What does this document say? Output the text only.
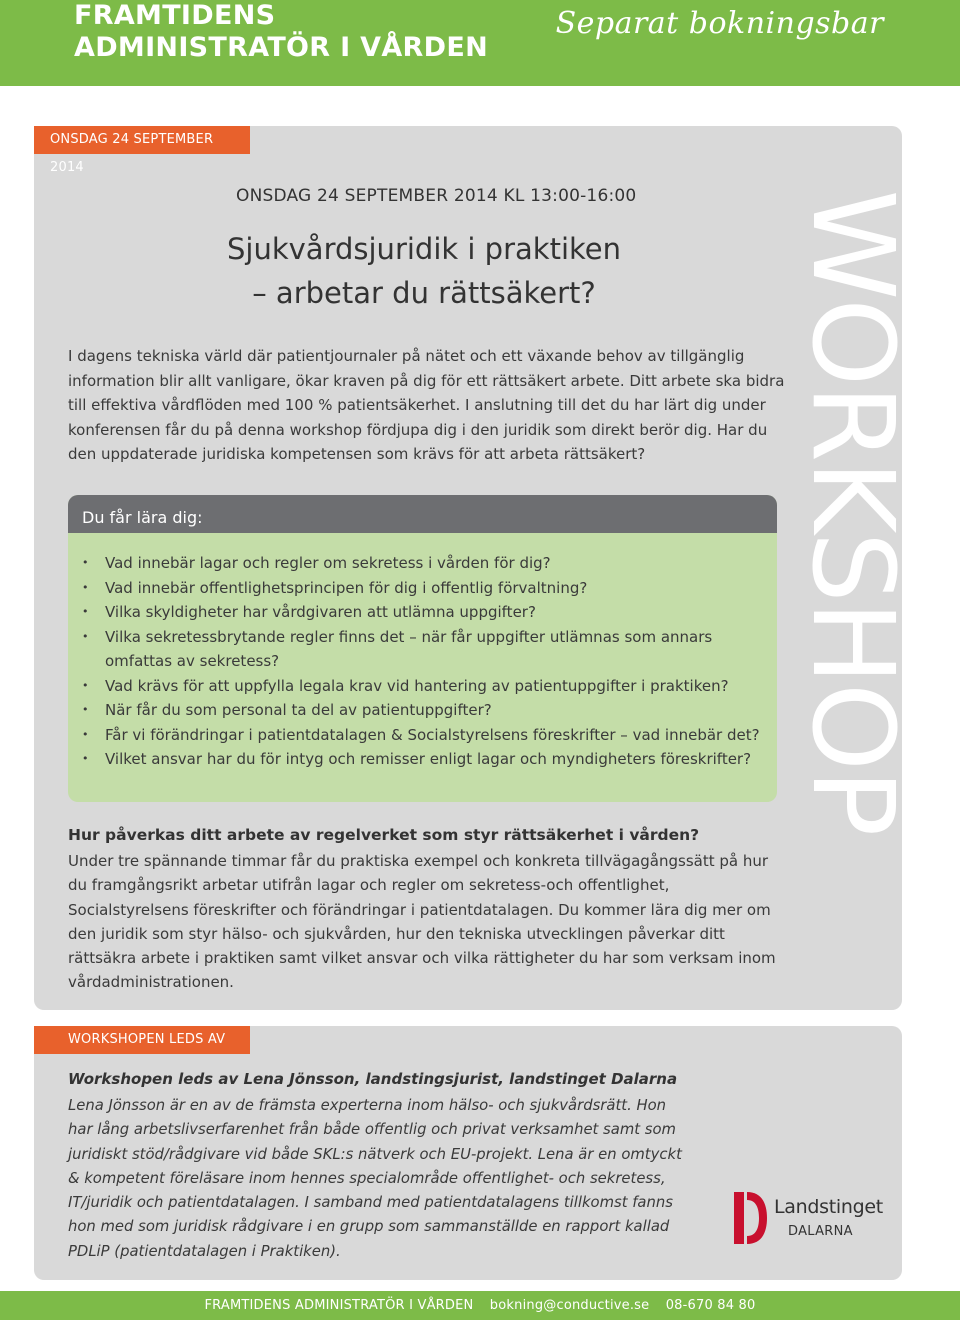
FRAMTIDENS
ADMINISTRATÖR I VÅRDEN
Separat bokningsbar
ONSDAG 24 SEPTEMBER 2014
WORKSHOP
ONSDAG 24 SEPTEMBER 2014 KL 13:00-16:00
Sjukvårdsjuridik i praktiken
– arbetar du rättsäkert?

I dagens tekniska värld där patientjournaler på nätet och ett växande behov av tillgänglig information blir allt vanligare, ökar kraven på dig för ett rättsäkert arbete. Ditt arbete ska bidra till effektiva vårdflöden med 100 % patientsäkerhet. I anslutning till det du har lärt dig under konferensen får du på denna workshop fördjupa dig i den juridik som direkt berör dig. Har du den uppdaterade juridiska kompetensen som krävs för att arbeta rättsäkert?

Du får lära dig:
• Vad innebär lagar och regler om sekretess i vården för dig?
• Vad innebär offentlighetsprincipen för dig i offentlig förvaltning?
• Vilka skyldigheter har vårdgivaren att utlämna uppgifter?
• Vilka sekretessbrytande regler finns det – när får uppgifter utlämnas som annars omfattas av sekretess?
• Vad krävs för att uppfylla legala krav vid hantering av patientuppgifter i praktiken?
• När får du som personal ta del av patientuppgifter?
• Får vi förändringar i patientdatalagen & Socialstyrelsens föreskrifter – vad innebär det?
• Vilket ansvar har du för intyg och remisser enligt lagar och myndigheters föreskrifter?
Hur påverkas ditt arbete av regelverket som styr rättsäkerhet i vården?

Under tre spännande timmar får du praktiska exempel och konkreta tillvägagångssätt på hur du framgångsrikt arbetar utifrån lagar och regler om sekretess-och offentlighet, Socialstyrelsens föreskrifter och förändringar i patientdatalagen. Du kommer lära dig mer om den juridik som styr hälso- och sjukvården, hur den tekniska utvecklingen påverkar ditt rättsäkra arbete i praktiken samt vilket ansvar och vilka rättigheter du har som verksam inom vårdadministrationen.

WORKSHOPEN LEDS AV
Workshopen leds av Lena Jönsson, landstingsjurist, landstinget Dalarna

Lena Jönsson är en av de främsta experterna inom hälso- och sjukvårdsrätt. Hon har lång arbetslivserfarenhet från både offentlig och privat verksamhet samt som juridiskt stöd/rådgivare vid både SKL:s nätverk och EU-projekt. Lena är en omtyckt & kompetent föreläsare inom hennes specialområde offentlighet- och sekretess, IT/juridik och patientdatalagen. I samband med patientdatalagens tillkomst fanns hon med som juridisk rådgivare i en grupp som sammanställde en rapport kallad PDLiP (patientdatalagen i Praktiken).

Landstinget
DALARNA
FRAMTIDENS ADMINISTRATÖR I VÅRDEN bokning@conductive.se 08-670 84 80
